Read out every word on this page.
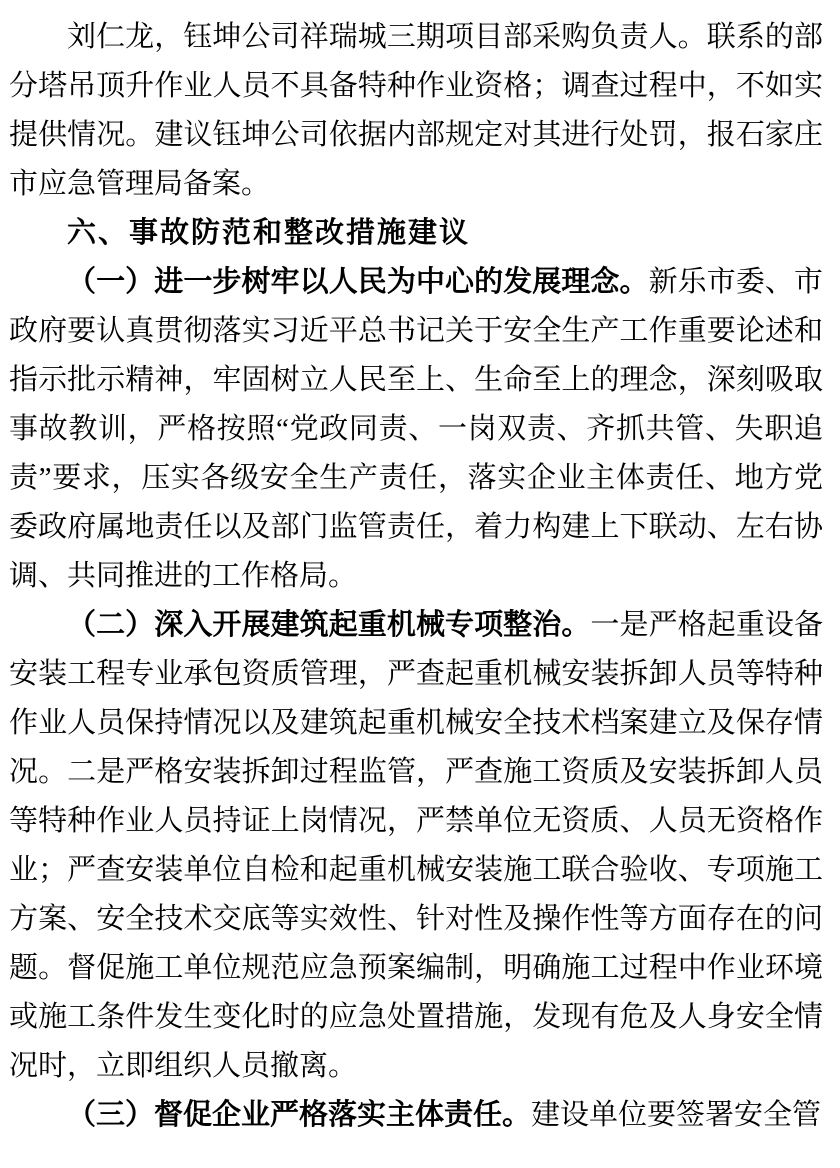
刘仁龙，钰坤公司祥瑞城三期项目部采购负责人。联系的部分塔吊顶升作业人员不具备特种作业资格；调查过程中，不如实提供情况。建议钰坤公司依据内部规定对其进行处罚，报石家庄市应急管理局备案。

六、事故防范和整改措施建议

（一）进一步树牢以人民为中心的发展理念。新乐市委、市政府要认真贯彻落实习近平总书记关于安全生产工作重要论述和指示批示精神，牢固树立人民至上、生命至上的理念，深刻吸取事故教训，严格按照“党政同责、一岗双责、齐抓共管、失职追责”要求，压实各级安全生产责任，落实企业主体责任、地方党委政府属地责任以及部门监管责任，着力构建上下联动、左右协调、共同推进的工作格局。

（二）深入开展建筑起重机械专项整治。一是严格起重设备安装工程专业承包资质管理，严查起重机械安装拆卸人员等特种作业人员保持情况以及建筑起重机械安全技术档案建立及保存情况。二是严格安装拆卸过程监管，严查施工资质及安装拆卸人员等特种作业人员持证上岗情况，严禁单位无资质、人员无资格作业；严查安装单位自检和起重机械安装施工联合验收、专项施工方案、安全技术交底等实效性、针对性及操作性等方面存在的问题。督促施工单位规范应急预案编制，明确施工过程中作业环境或施工条件发生变化时的应急处置措施，发现有危及人身安全情况时，立即组织人员撤离。

（三）督促企业严格落实主体责任。建设单位要签署安全管
